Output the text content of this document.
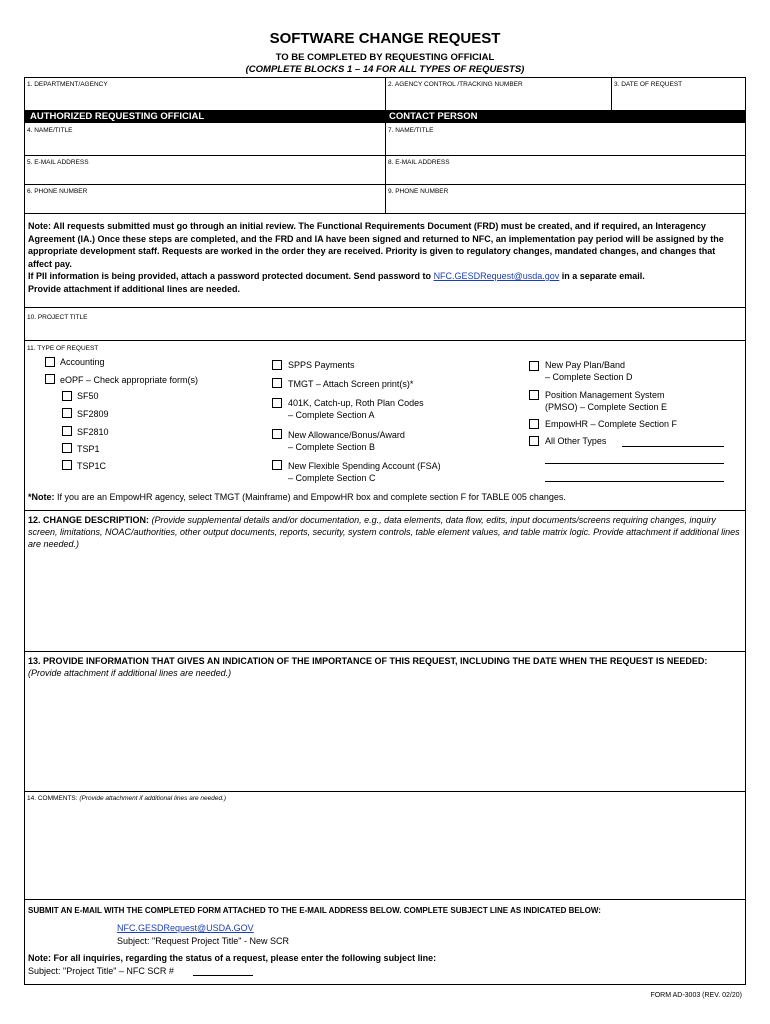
SOFTWARE CHANGE REQUEST
TO BE COMPLETED BY REQUESTING OFFICIAL
(COMPLETE BLOCKS 1 – 14 FOR ALL TYPES OF REQUESTS)
1. DEPARTMENT/AGENCY	2. AGENCY CONTROL /TRACKING NUMBER	3. DATE OF REQUEST
AUTHORIZED REQUESTING OFFICIAL	CONTACT PERSON
4. NAME/TITLE	7. NAME/TITLE
5. E-MAIL ADDRESS	8. E-MAIL ADDRESS
6. PHONE NUMBER	9. PHONE NUMBER

Note: All requests submitted must go through an initial review. The Functional Requirements Document (FRD) must be created, and if required, an Interagency Agreement (IA.) Once these steps are completed, and the FRD and IA have been signed and returned to NFC, an implementation pay period will be assigned by the appropriate development staff. Requests are worked in the order they are received. Priority is given to regulatory changes, mandated changes, and changes that affect pay.

If PII information is being provided, attach a password protected document. Send password to NFC.GESDRequest@usda.gov in a separate email.

Provide attachment if additional lines are needed.

10. PROJECT TITLE
11. TYPE OF REQUEST
Accounting
eOPF – Check appropriate form(s)
SF50
SF2809
SF2810
TSP1
TSP1C
SPPS Payments
TMGT – Attach Screen print(s)*
401K, Catch-up, Roth Plan Codes
– Complete Section A
New Allowance/Bonus/Award
– Complete Section B
New Flexible Spending Account (FSA)
– Complete Section C
New Pay Plan/Band
– Complete Section D
Position Management System
(PMSO) – Complete Section E
EmpowHR – Complete Section F
All Other Types
*Note: If you are an EmpowHR agency, select TMGT (Mainframe) and EmpowHR box and complete section F for TABLE 005 changes.
12. CHANGE DESCRIPTION: (Provide supplemental details and/or documentation, e.g., data elements, data flow, edits, input documents/screens requiring changes, inquiry screen, limitations, NOAC/authorities, other output documents, reports, security, system controls, table element values, and table matrix logic. Provide attachment if additional lines are needed.)
13. PROVIDE INFORMATION THAT GIVES AN INDICATION OF THE IMPORTANCE OF THIS REQUEST, INCLUDING THE DATE WHEN THE REQUEST IS NEEDED: (Provide attachment if additional lines are needed.)
14. COMMENTS: (Provide attachment if additional lines are needed.)
SUBMIT AN E-MAIL WITH THE COMPLETED FORM ATTACHED TO THE E-MAIL ADDRESS BELOW. COMPLETE SUBJECT LINE AS INDICATED BELOW:
NFC.GESDRequest@USDA.GOV
Subject: "Request Project Title" - New SCR
Note: For all inquiries, regarding the status of a request, please enter the following subject line:
Subject: "Project Title" – NFC SCR #
FORM AD-3003 (REV. 02/20)
